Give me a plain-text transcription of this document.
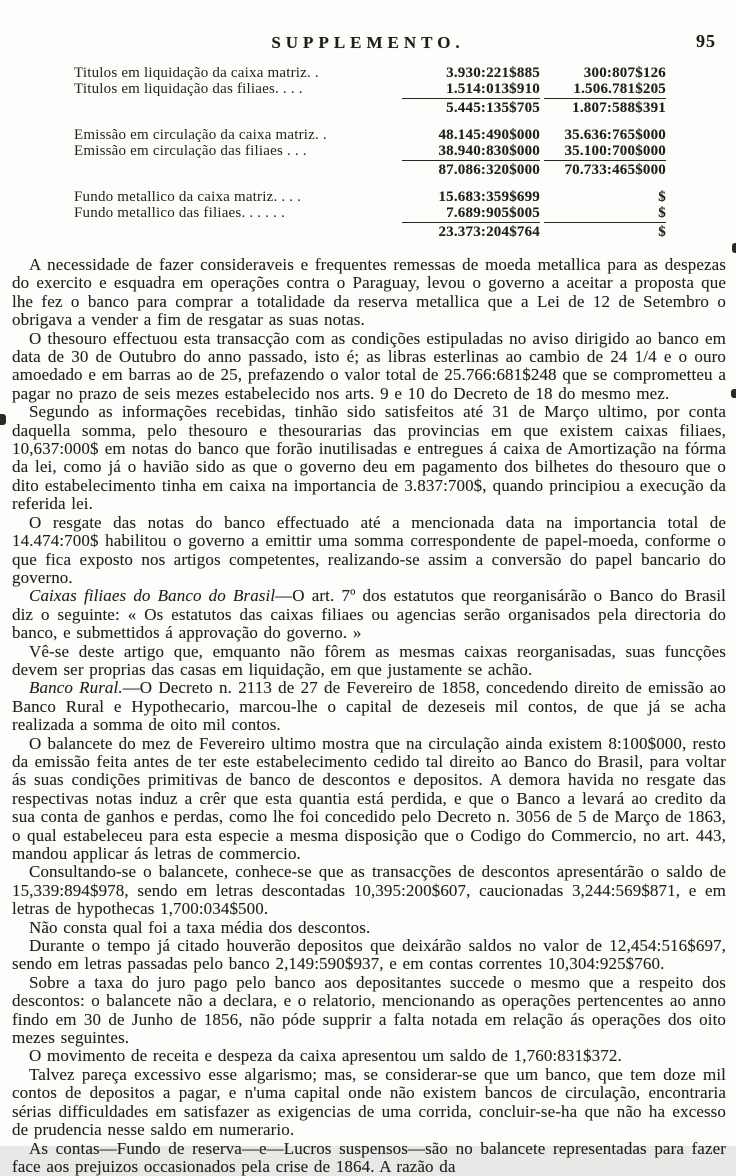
SUPPLEMENTO.	95
Titulos em liquidação da caixa matriz. .	3.930:221$885	300:807$126
Titulos em liquidação das filiaes. . . .	1.514:013$910	1.506.781$205
5.445:135$705	1.807:588$391
Emissão em circulação da caixa matriz. .	48.145:490$000	35.636:765$000
Emissão em circulação das filiaes . . .	38.940:830$000	35.100:700$000
87.086:320$000	70.733:465$000
Fundo metallico da caixa matriz. . . .	15.683:359$699	$
Fundo metallico das filiaes. . . . . .	7.689:905$005	$
23.373:204$764	$

A necessidade de fazer consideraveis e frequentes remessas de moeda metallica para as despezas do exercito e esquadra em operações contra o Paraguay, levou o governo a aceitar a proposta que lhe fez o banco para comprar a totalidade da reserva metallica que a Lei de 12 de Setembro o obrigava a vender a fim de resgatar as suas notas.

O thesouro effectuou esta transacção com as condições estipuladas no aviso dirigido ao banco em data de 30 de Outubro do anno passado, isto é; as libras esterlinas ao cambio de 24 1/4 e o ouro amoedado e em barras ao de 25, prefazendo o valor total de 25.766:681$248 que se comprometteu a pagar no prazo de seis mezes estabelecido nos arts. 9 e 10 do Decreto de 18 do mesmo mez.

Segundo as informações recebidas, tinhão sido satisfeitos até 31 de Março ultimo, por conta daquella somma, pelo thesouro e thesourarias das provincias em que existem caixas filiaes, 10,637:000$ em notas do banco que forão inutilisadas e entregues á caixa de Amortização na fórma da lei, como já o havião sido as que o governo deu em pagamento dos bilhetes do thesouro que o dito estabelecimento tinha em caixa na importancia de 3.837:700$, quando principiou a execução da referida lei.

O resgate das notas do banco effectuado até a mencionada data na importancia total de 14.474:700$ habilitou o governo a emittir uma somma correspondente de papel-moeda, conforme o que fica exposto nos artigos competentes, realizando-se assim a conversão do papel bancario do governo.

Caixas filiaes do Banco do Brasil—O art. 7º dos estatutos que reorganisárão o Banco do Brasil diz o seguinte: « Os estatutos das caixas filiaes ou agencias serão organisados pela directoria do banco, e submettidos á approvação do governo. »

Vê-se deste artigo que, emquanto não fôrem as mesmas caixas reorganisadas, suas funcções devem ser proprias das casas em liquidação, em que justamente se achão.

Banco Rural.—O Decreto n. 2113 de 27 de Fevereiro de 1858, concedendo direito de emissão ao Banco Rural e Hypothecario, marcou-lhe o capital de dezeseis mil contos, de que já se acha realizada a somma de oito mil contos.

O balancete do mez de Fevereiro ultimo mostra que na circulação ainda existem 8:100$000, resto da emissão feita antes de ter este estabelecimento cedido tal direito ao Banco do Brasil, para voltar ás suas condições primitivas de banco de descontos e depositos. A demora havida no resgate das respectivas notas induz a crêr que esta quantia está perdida, e que o Banco a levará ao credito da sua conta de ganhos e perdas, como lhe foi concedido pelo Decreto n. 3056 de 5 de Março de 1863, o qual estabeleceu para esta especie a mesma disposição que o Codigo do Commercio, no art. 443, mandou applicar ás letras de commercio.

Consultando-se o balancete, conhece-se que as transacções de descontos apresentárão o saldo de 15,339:894$978, sendo em letras descontadas 10,395:200$607, caucionadas 3,244:569$871, e em letras de hypothecas 1,700:034$500.

Não consta qual foi a taxa média dos descontos.

Durante o tempo já citado houverão depositos que deixárão saldos no valor de 12,454:516$697, sendo em letras passadas pelo banco 2,149:590$937, e em contas correntes 10,304:925$760.

Sobre a taxa do juro pago pelo banco aos depositantes succede o mesmo que a respeito dos descontos: o balancete não a declara, e o relatorio, mencionando as operações pertencentes ao anno findo em 30 de Junho de 1856, não póde supprir a falta notada em relação ás operações dos oito mezes seguintes.

O movimento de receita e despeza da caixa apresentou um saldo de 1,760:831$372.

Talvez pareça excessivo esse algarismo; mas, se considerar-se que um banco, que tem doze mil contos de depositos a pagar, e n'uma capital onde não existem bancos de circulação, encontraria sérias difficuldades em satisfazer as exigencias de uma corrida, concluir-se-ha que não ha excesso de prudencia nesse saldo em numerario.

As contas—Fundo de reserva—e—Lucros suspensos—são no balancete representadas para fazer face aos prejuizos occasionados pela crise de 1864. A razão da
